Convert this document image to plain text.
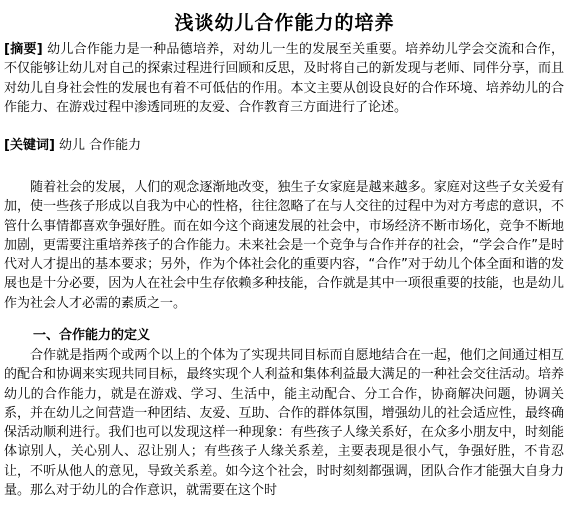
浅谈幼儿合作能力的培养
[摘要] 幼儿合作能力是一种品德培养，对幼儿一生的发展至关重要。培养幼儿学会交流和合作，不仅能够让幼儿对自己的探索过程进行回顾和反思，及时将自己的新发现与老师、同伴分享，而且对幼儿自身社会性的发展也有着不可低估的作用。本文主要从创设良好的合作环境、培养幼儿的合作能力、在游戏过程中渗透同班的友爱、合作教育三方面进行了论述。
[关键词] 幼儿 合作能力
随着社会的发展，人们的观念逐渐地改变，独生子女家庭是越来越多。家庭对这些子女关爱有加，使一些孩子形成以自我为中心的性格，往往忽略了在与人交往的过程中为对方考虑的意识，不管什么事情都喜欢争强好胜。而在如今这个商速发展的社会中，市场经济不断市场化，竞争不断地加剧，更需要注重培养孩子的合作能力。未来社会是一个竞争与合作并存的社会，“学会合作”是时代对人才提出的基本要求；另外，作为个体社会化的重要内容，“合作”对于幼儿个体全面和谐的发展也是十分必要，因为人在社会中生存依赖多种技能，合作就是其中一项很重要的技能，也是幼儿作为社会人才必需的素质之一。
一、合作能力的定义
合作就是指两个或两个以上的个体为了实现共同目标而自愿地结合在一起，他们之间通过相互的配合和协调来实现共同目标，最终实现个人利益和集体利益最大满足的一种社会交往活动。培养幼儿的合作能力，就是在游戏、学习、生活中，能主动配合、分工合作，协商解决问题，协调关系，并在幼儿之间营造一种团结、友爱、互助、合作的群体氛围，增强幼儿的社会适应性，最终确保活动顺利进行。我们也可以发现这样一种现象：有些孩子人缘关系好，在众多小朋友中，时刻能体谅别人，关心别人、忍让别人；有些孩子人缘关系差，主要表现是很小气，争强好胜，不肯忍让，不听从他人的意见，导致关系差。如今这个社会，时时刻刻都强调，团队合作才能强大自身力量。那么对于幼儿的合作意识，就需要在这个时
